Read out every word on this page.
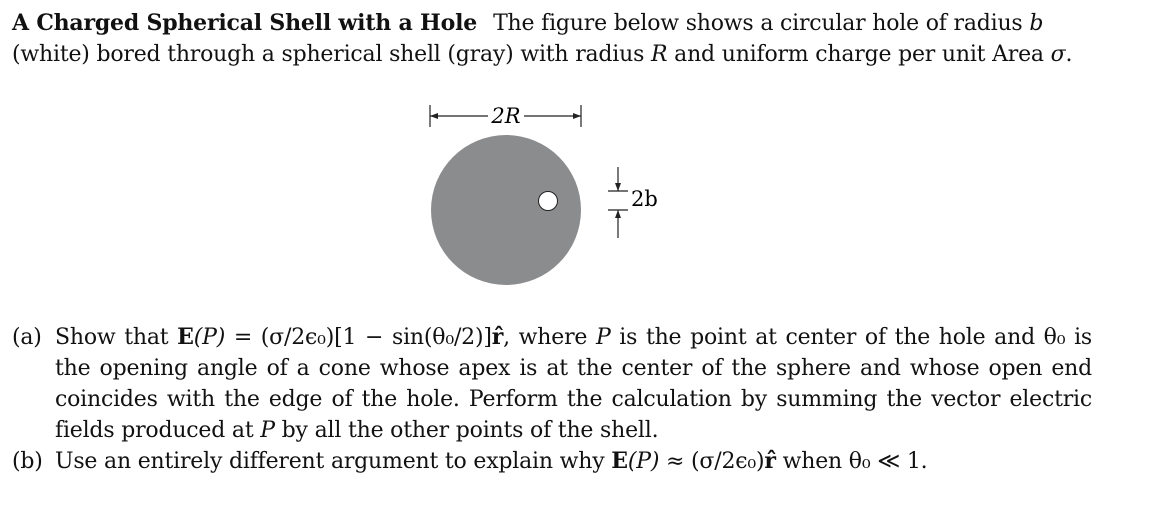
A Charged Spherical Shell with a Hole The figure below shows a circular hole of radius b (white) bored through a spherical shell (gray) with radius R and uniform charge per unit Area σ.
2R
2b
(a) Show that E(P) = (σ/2ϵ₀)[1 − sin(θ₀/2)]r̂, where P is the point at center of the hole and θ₀ is the opening angle of a cone whose apex is at the center of the sphere and whose open end coincides with the edge of the hole. Perform the calculation by summing the vector electric fields produced at P by all the other points of the shell.
(b) Use an entirely different argument to explain why E(P) ≈ (σ/2ϵ₀)r̂ when θ₀ ≪ 1.
